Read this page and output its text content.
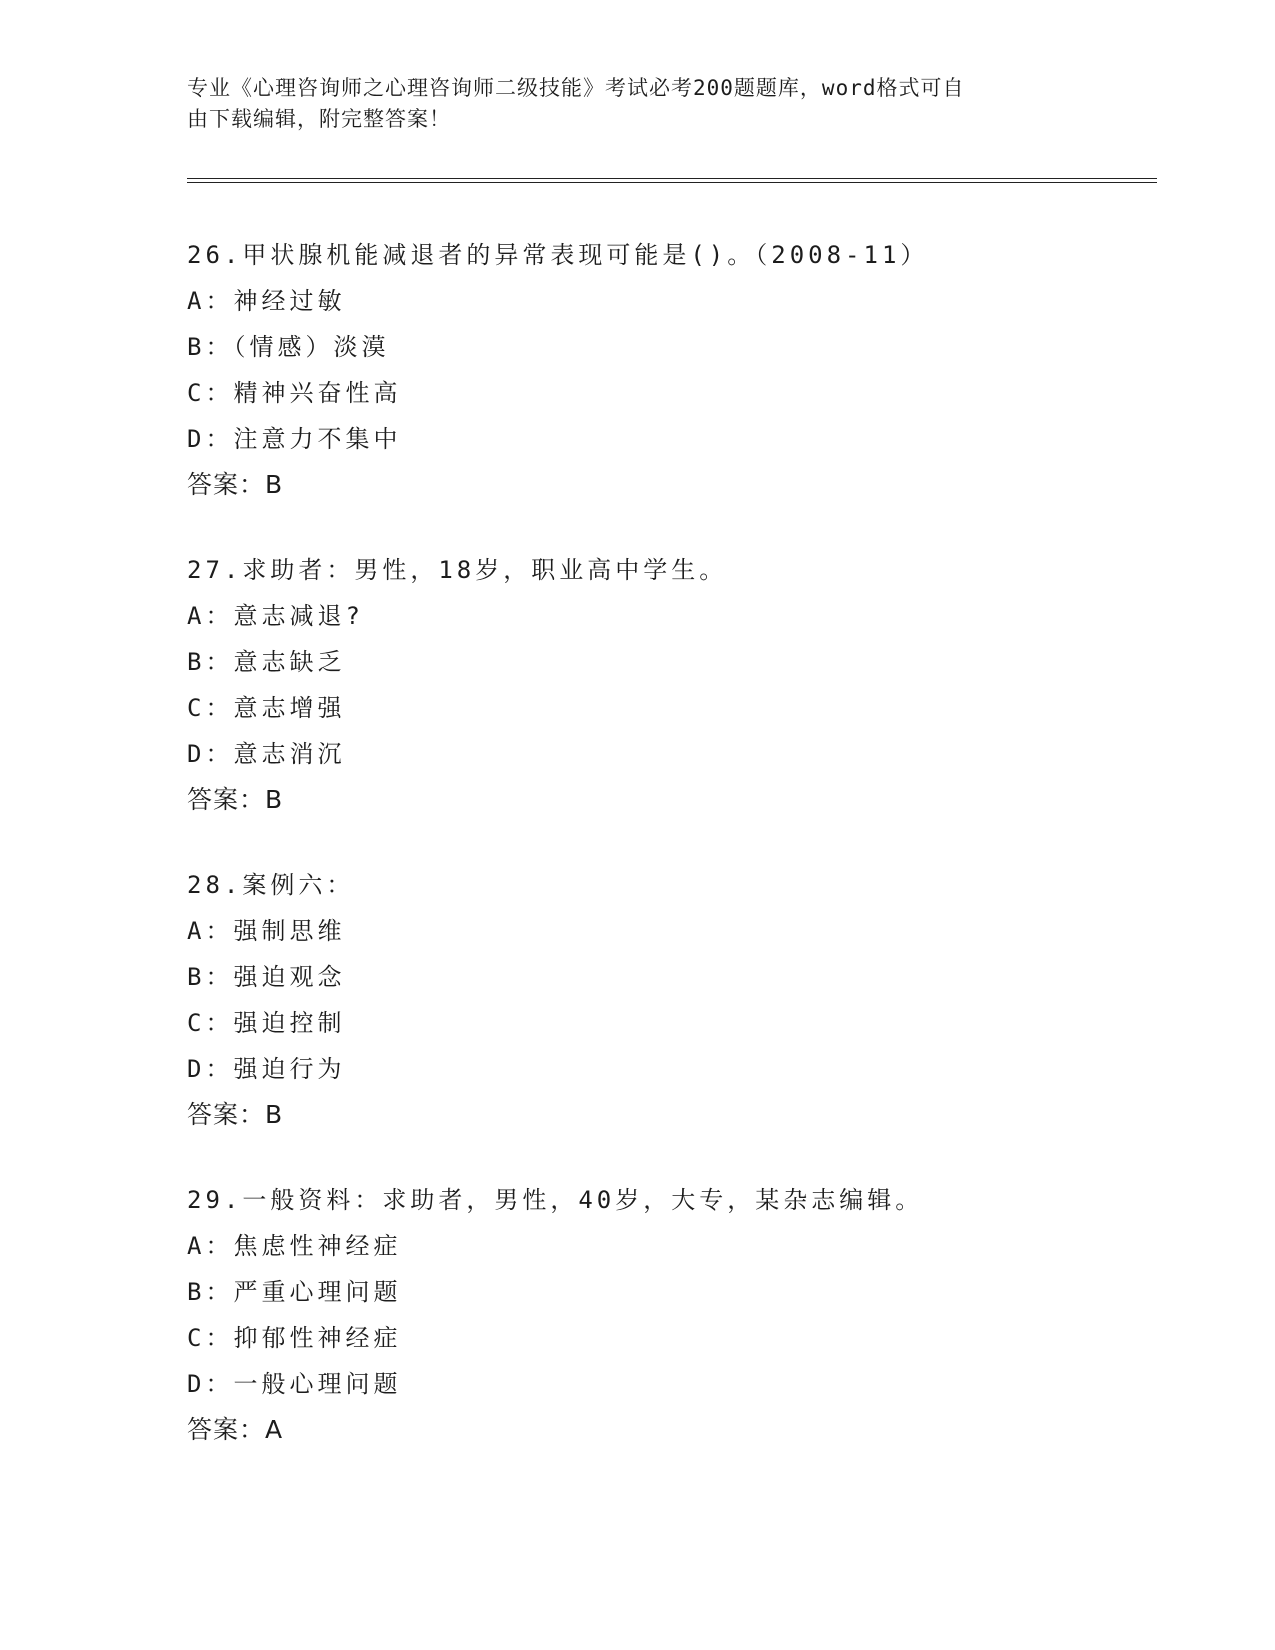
专业《心理咨询师之心理咨询师二级技能》考试必考200题题库，word格式可自
由下载编辑，附完整答案！
26.甲状腺机能减退者的异常表现可能是()。（2008-11）
A：神经过敏
B：（情感）淡漠
C：精神兴奋性高
D：注意力不集中
答案：B
27.求助者：男性，18岁，职业高中学生。
A：意志减退?
B：意志缺乏
C：意志增强
D：意志消沉
答案：B
28.案例六：
A：强制思维
B：强迫观念
C：强迫控制
D：强迫行为
答案：B
29.一般资料：求助者，男性，40岁，大专，某杂志编辑。
A：焦虑性神经症
B：严重心理问题
C：抑郁性神经症
D：一般心理问题
答案：A
